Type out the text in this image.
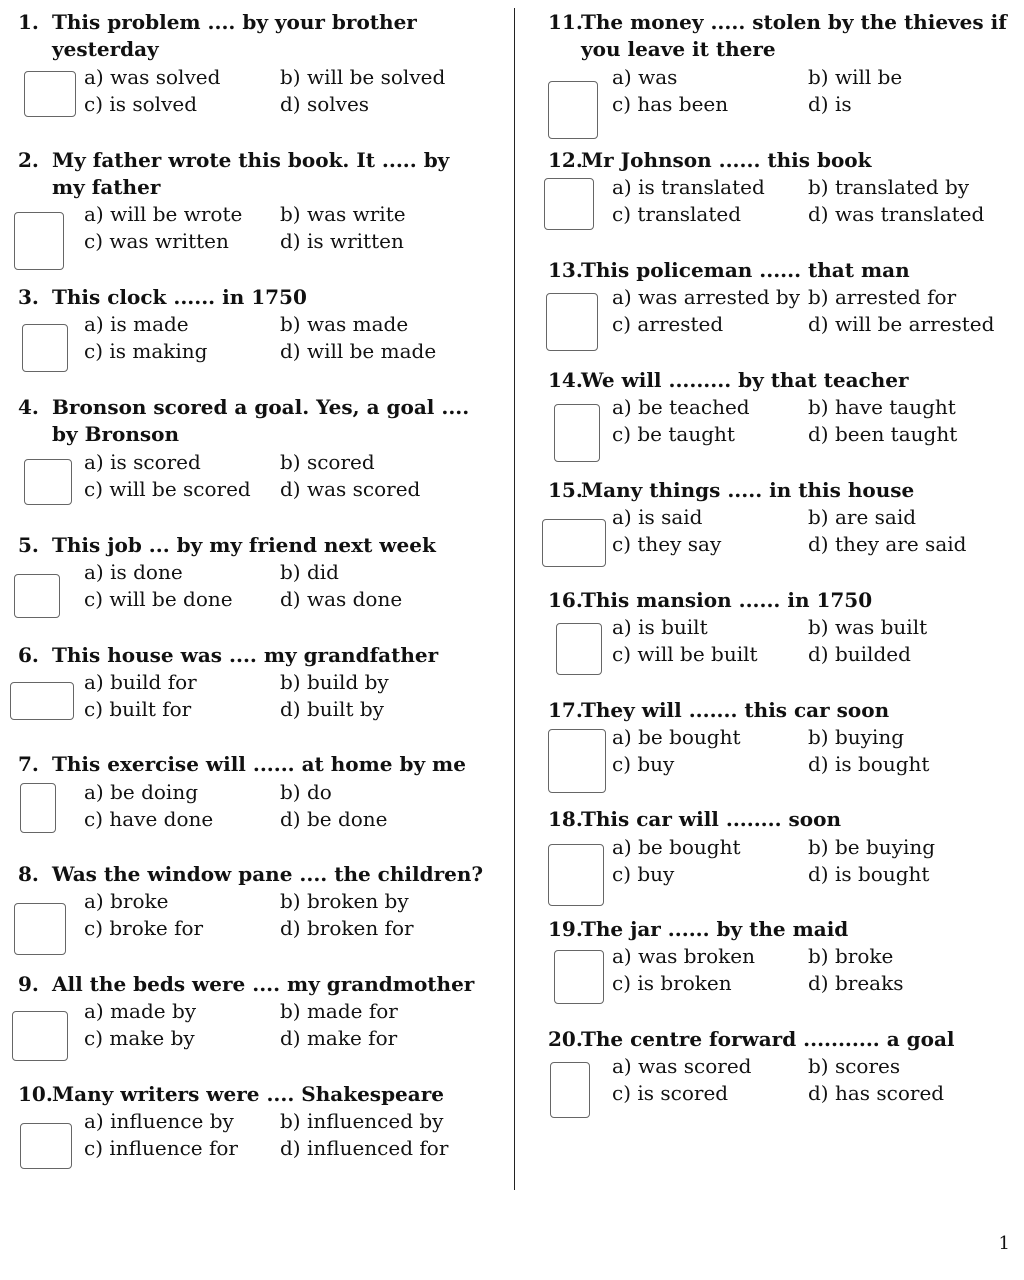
1. This problem .... by your brother
yesterday
a) was solved	b) will be solved
c) is solved	d) solves
2. My father wrote this book. It ..... by
my father
a) will be wrote b) was write
c) was written	d) is written
3. This clock ...... in 1750
a) is made	b) was made
c) is making	d) will be made
4. Bronson scored a goal. Yes, a goal ....
by Bronson
a) is scored	b) scored
c) will be scored d) was scored
5. This job ... by my friend next week
a) is done	b) did
c) will be done d) was done
6. This house was .... my grandfather
a) build for	b) build by
c) built for	d) built by
7. This exercise will ...... at home by me
a) be doing	b) do
c) have done	d) be done
8. Was the window pane .... the children?
a) broke	b) broken by
c) broke for	d) broken for
9. All the beds were .... my grandmother
a) made by	b) made for
c) make by	d) make for
10.Many writers were .... Shakespeare
a) influence by b) influenced by
c) influence for d) influenced for
11.The money ..... stolen by the thieves if
you leave it there
a) was	b) will be
c) has been	d) is
12.Mr Johnson ...... this book
a) is translated b) translated by
c) translated	d) was translated
13.This policeman ...... that man
a) was arrested by b) arrested for
c) arrested	d) will be arrested
14.We will ......... by that teacher
a) be teached	b) have taught
c) be taught	d) been taught
15.Many things ..... in this house
a) is said	b) are said
c) they say	d) they are said
16.This mansion ...... in 1750
a) is built	b) was built
c) will be built	d) builded
17.They will ....... this car soon
a) be bought	b) buying
c) buy	d) is bought
18.This car will ........ soon
a) be bought	b) be buying
c) buy	d) is bought
19.The jar ...... by the maid
a) was broken	b) broke
c) is broken	d) breaks
20.The centre forward ........... a goal
a) was scored	b) scores
c) is scored	d) has scored
1
